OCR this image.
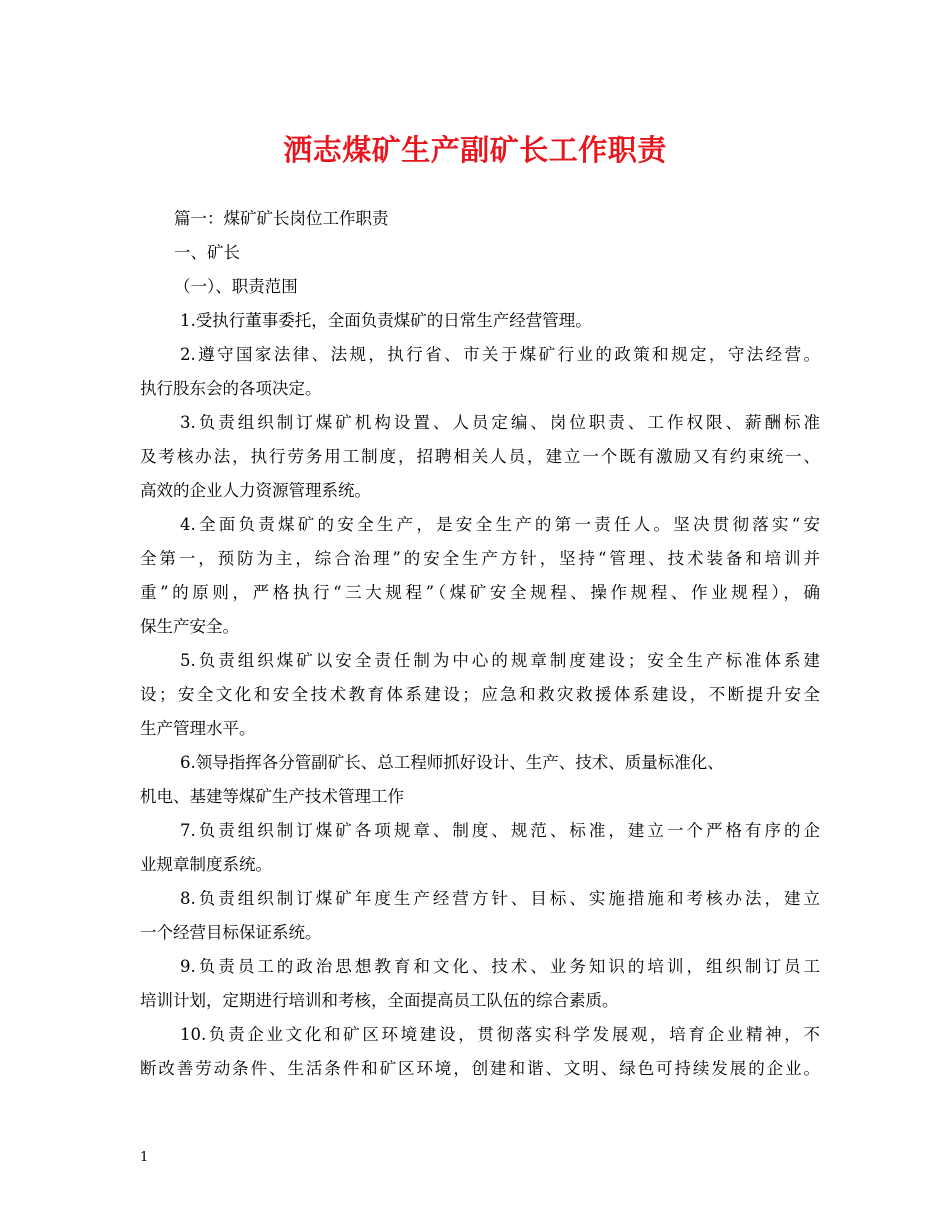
洒志煤矿生产副矿长工作职责
篇一：煤矿矿长岗位工作职责
一、矿长
（一）、职责范围
1.受执行董事委托，全面负责煤矿的日常生产经营管理。
2.遵守国家法律、法规，执行省、市关于煤矿行业的政策和规定，守法经营。
执行股东会的各项决定。
3.负责组织制订煤矿机构设置、人员定编、岗位职责、工作权限、薪酬标准
及考核办法，执行劳务用工制度，招聘相关人员，建立一个既有激励又有约束统一、
高效的企业人力资源管理系统。
4.全面负责煤矿的安全生产，是安全生产的第一责任人。坚决贯彻落实“安
全第一，预防为主，综合治理”的安全生产方针，坚持“管理、技术装备和培训并
重”的原则，严格执行“三大规程”（煤矿安全规程、操作规程、作业规程），确
保生产安全。
5.负责组织煤矿以安全责任制为中心的规章制度建设；安全生产标准体系建
设；安全文化和安全技术教育体系建设；应急和救灾救援体系建设，不断提升安全
生产管理水平。
6.领导指挥各分管副矿长、总工程师抓好设计、生产、技术、质量标准化、
机电、基建等煤矿生产技术管理工作
7.负责组织制订煤矿各项规章、制度、规范、标准，建立一个严格有序的企
业规章制度系统。
8.负责组织制订煤矿年度生产经营方针、目标、实施措施和考核办法，建立
一个经营目标保证系统。
9.负责员工的政治思想教育和文化、技术、业务知识的培训，组织制订员工
培训计划，定期进行培训和考核，全面提高员工队伍的综合素质。
10.负责企业文化和矿区环境建设，贯彻落实科学发展观，培育企业精神，不
断改善劳动条件、生活条件和矿区环境，创建和谐、文明、绿色可持续发展的企业。
1
